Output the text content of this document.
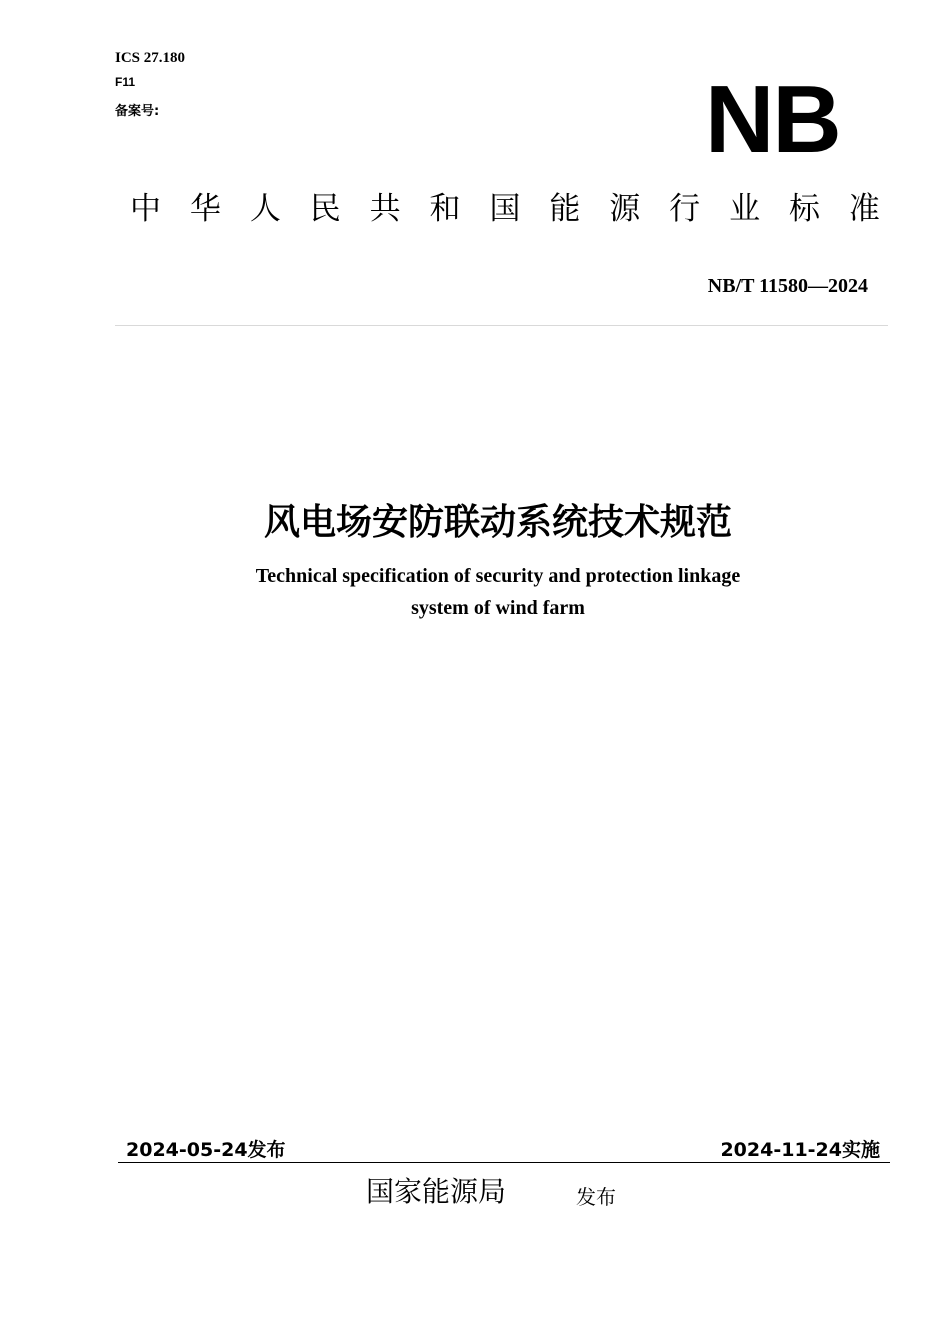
ICS 27.180
F11
备案号:	NB
中 华 人 民 共 和 国 能 源 行 业 标 准
NB/T 11580—2024
风电场安防联动系统技术规范
Technical specification of security and protection linkage
system of wind farm
2024-05-24发布	2024-11-24实施
国家能源局	发布
